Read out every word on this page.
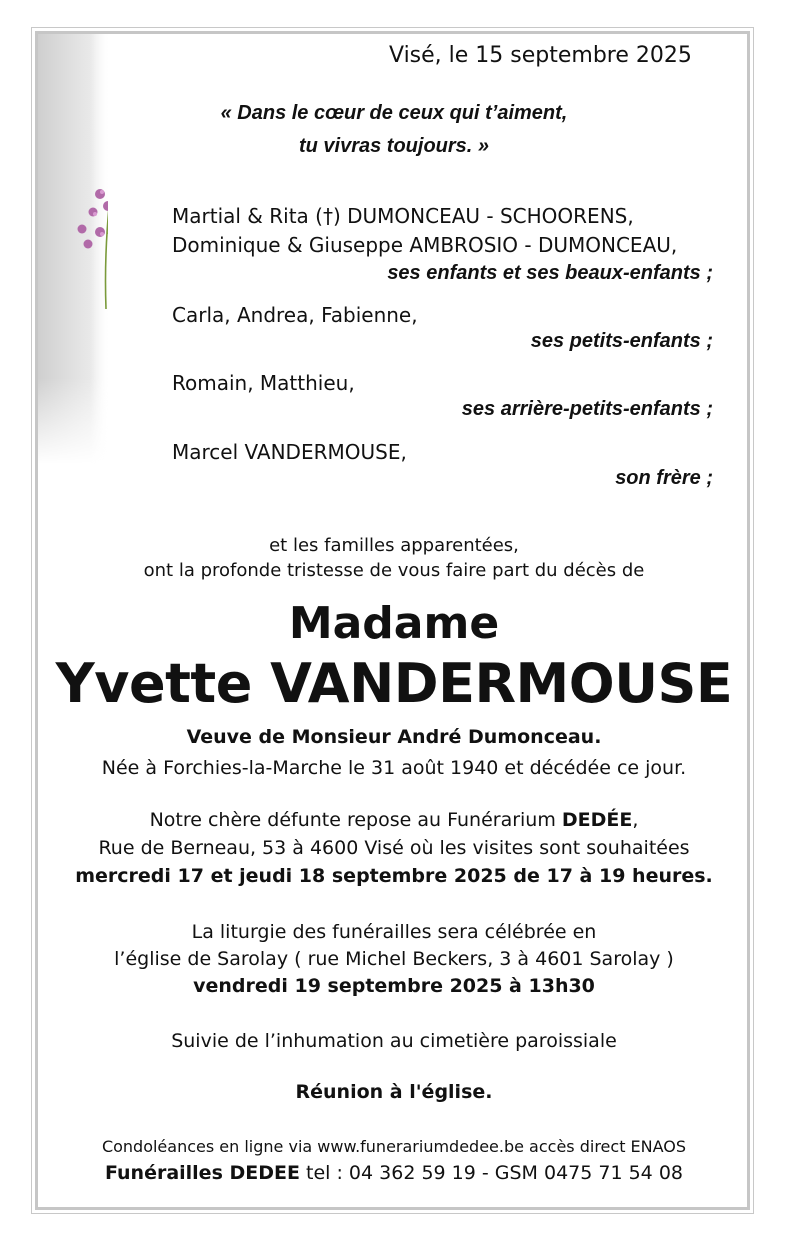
Visé, le 15 septembre 2025
« Dans le cœur de ceux qui t’aiment,
tu vivras toujours. »
Martial & Rita (†) DUMONCEAU - SCHOORENS,
Dominique & Giuseppe AMBROSIO - DUMONCEAU,
ses enfants et ses beaux-enfants ;
Carla, Andrea, Fabienne,
ses petits-enfants ;
Romain, Matthieu,
ses arrière-petits-enfants ;
Marcel VANDERMOUSE,
son frère ;
et les familles apparentées,
ont la profonde tristesse de vous faire part du décès de
Madame
Yvette VANDERMOUSE
Veuve de Monsieur André Dumonceau.
Née à Forchies-la-Marche le 31 août 1940 et décédée ce jour.
Notre chère défunte repose au Funérarium DEDÉE,
Rue de Berneau, 53 à 4600 Visé où les visites sont souhaitées
mercredi 17 et jeudi 18 septembre 2025 de 17 à 19 heures.
La liturgie des funérailles sera célébrée en
l’église de Sarolay ( rue Michel Beckers, 3 à 4601 Sarolay )
vendredi 19 septembre 2025 à 13h30
Suivie de l’inhumation au cimetière paroissiale
Réunion à l'église.
Condoléances en ligne via www.funerariumdedee.be accès direct ENAOS
Funérailles DEDEE tel : 04 362 59 19 - GSM 0475 71 54 08
